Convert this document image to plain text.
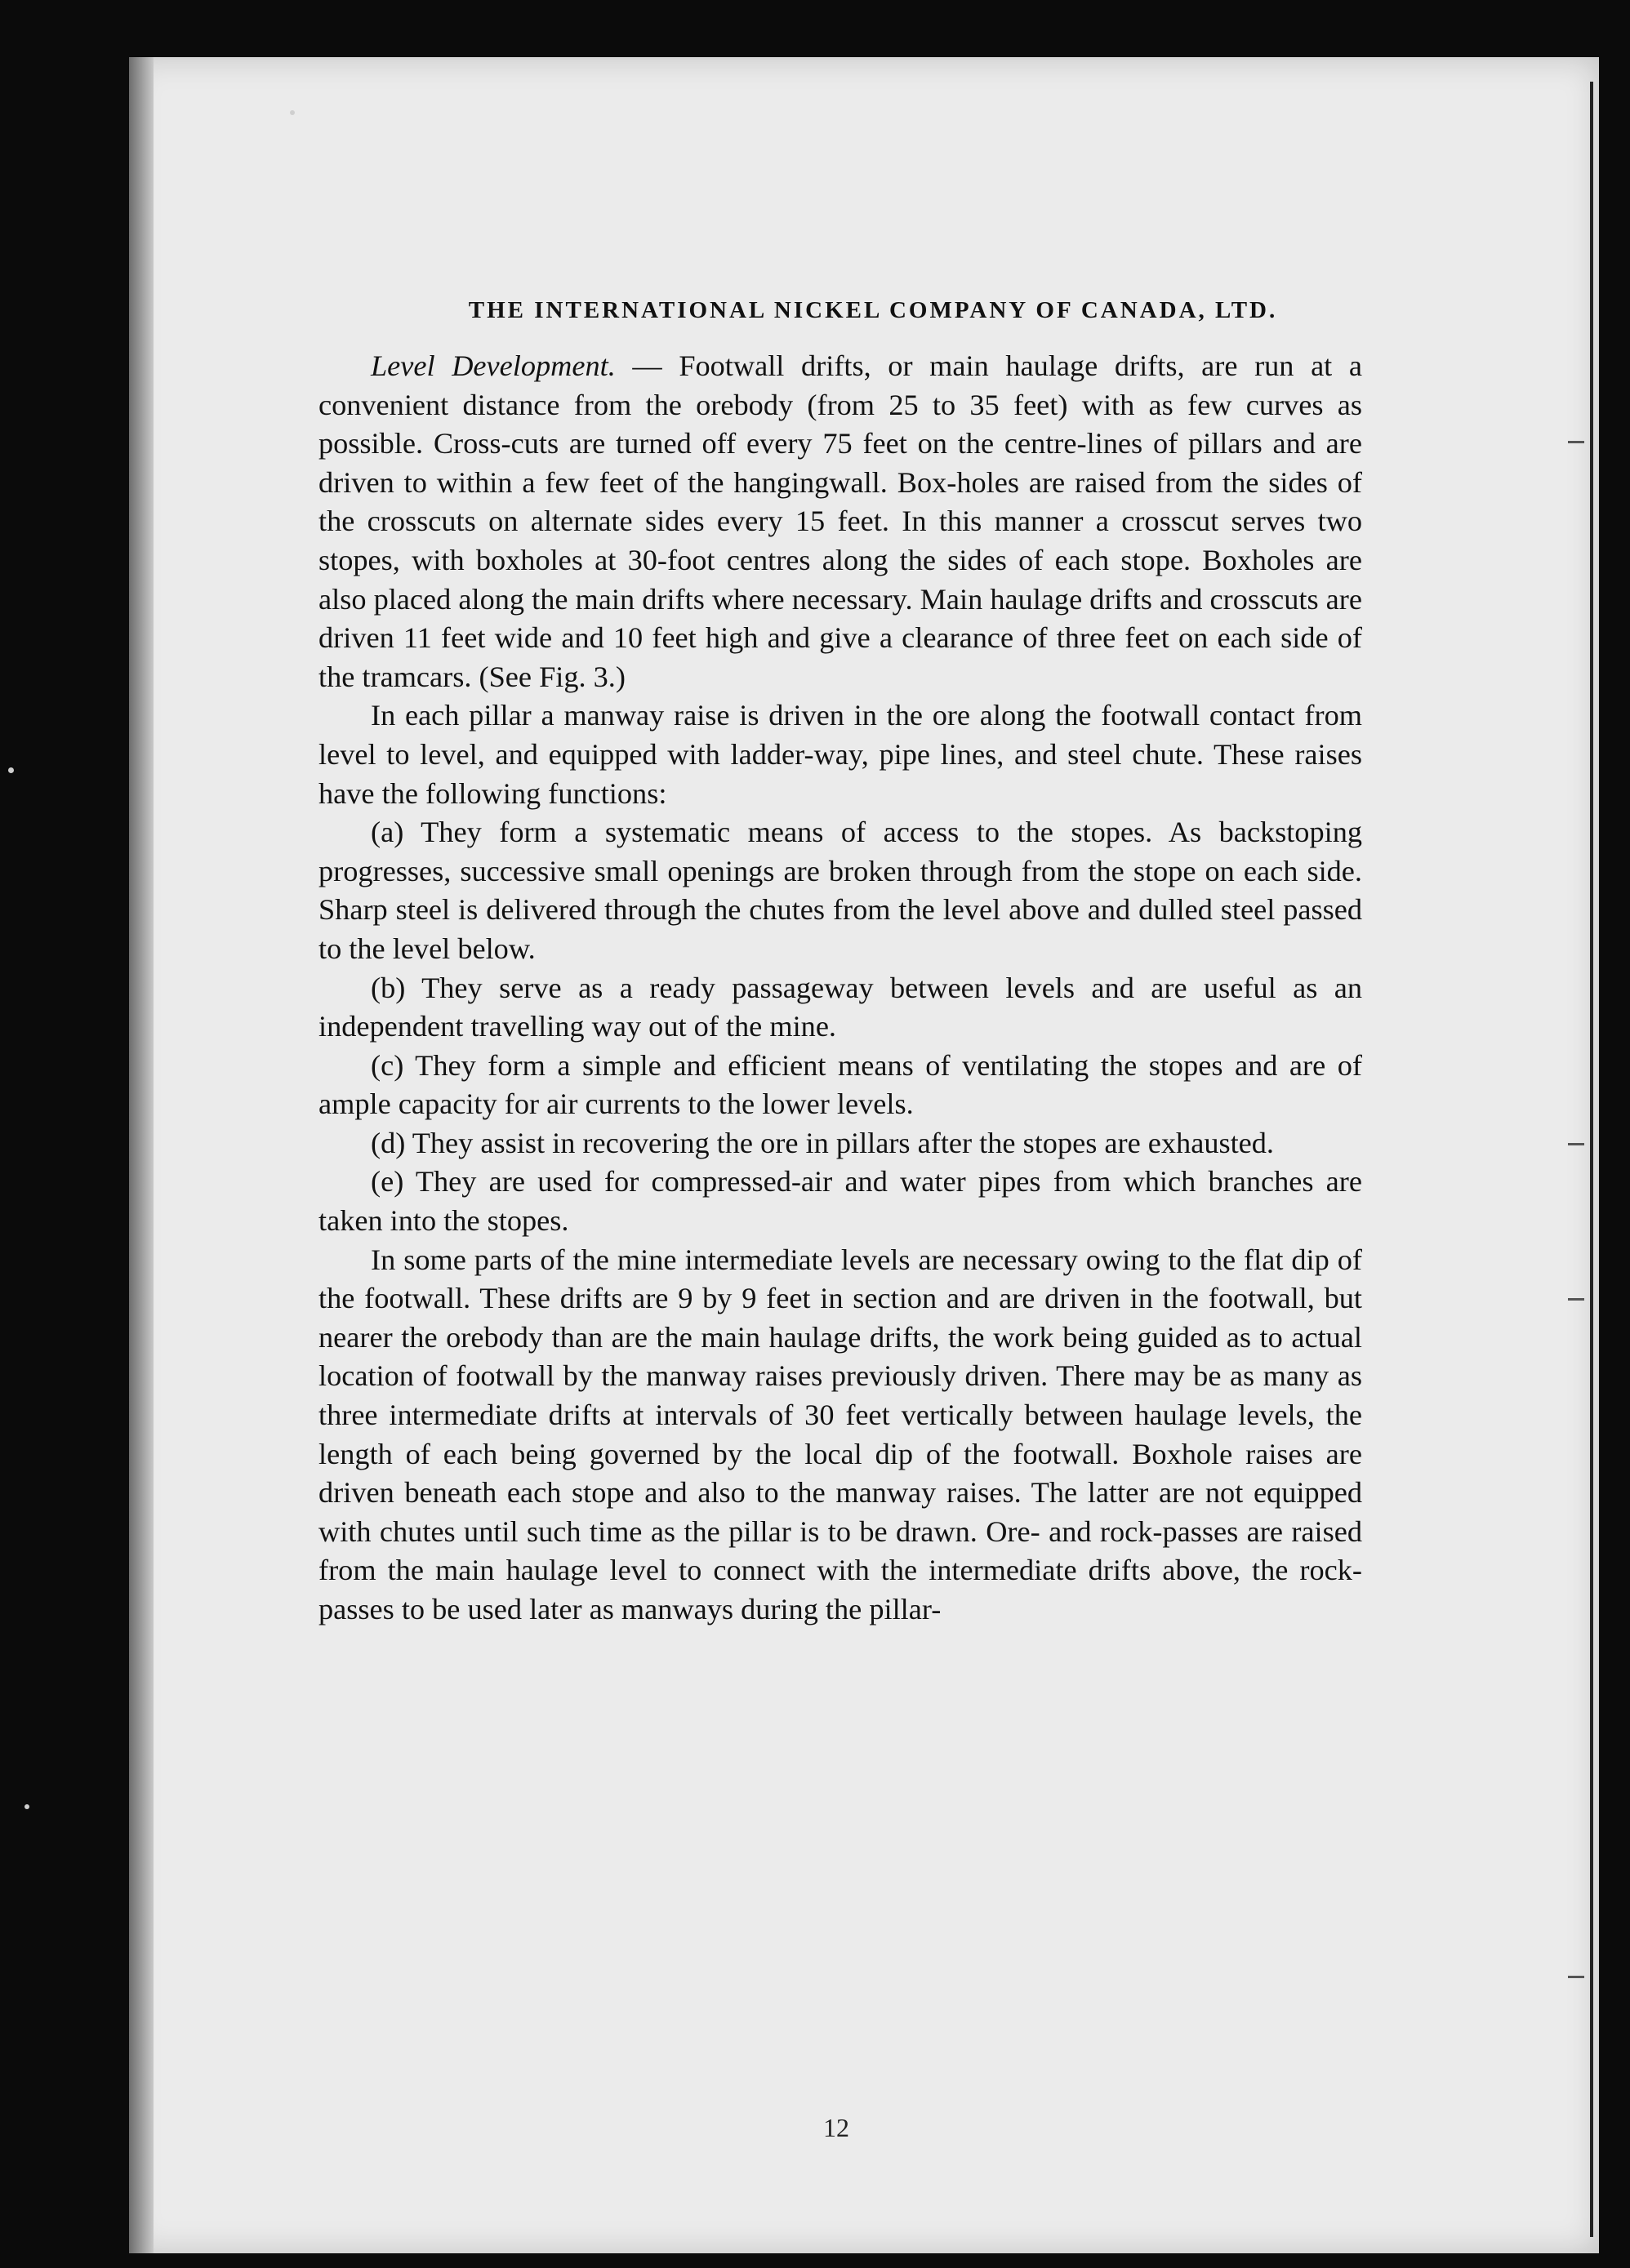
THE INTERNATIONAL NICKEL COMPANY OF CANADA, LTD.

Level Development. — Footwall drifts, or main haulage drifts, are run at a convenient distance from the orebody (from 25 to 35 feet) with as few curves as possible. Cross-cuts are turned off every 75 feet on the centre-lines of pillars and are driven to within a few feet of the hangingwall. Box-holes are raised from the sides of the crosscuts on alternate sides every 15 feet. In this manner a crosscut serves two stopes, with boxholes at 30-foot centres along the sides of each stope. Boxholes are also placed along the main drifts where necessary. Main haulage drifts and crosscuts are driven 11 feet wide and 10 feet high and give a clearance of three feet on each side of the tramcars. (See Fig. 3.)

In each pillar a manway raise is driven in the ore along the footwall contact from level to level, and equipped with ladder-way, pipe lines, and steel chute. These raises have the following functions:

(a) They form a systematic means of access to the stopes. As backstoping progresses, successive small openings are broken through from the stope on each side. Sharp steel is delivered through the chutes from the level above and dulled steel passed to the level below.

(b) They serve as a ready passageway between levels and are useful as an independent travelling way out of the mine.

(c) They form a simple and efficient means of ventilating the stopes and are of ample capacity for air currents to the lower levels.

(d) They assist in recovering the ore in pillars after the stopes are exhausted.

(e) They are used for compressed-air and water pipes from which branches are taken into the stopes.

In some parts of the mine intermediate levels are necessary owing to the flat dip of the footwall. These drifts are 9 by 9 feet in section and are driven in the footwall, but nearer the orebody than are the main haulage drifts, the work being guided as to actual location of footwall by the manway raises previously driven. There may be as many as three intermediate drifts at intervals of 30 feet vertically between haulage levels, the length of each being governed by the local dip of the footwall. Boxhole raises are driven beneath each stope and also to the manway raises. The latter are not equipped with chutes until such time as the pillar is to be drawn. Ore- and rock-passes are raised from the main haulage level to connect with the intermediate drifts above, the rock-passes to be used later as manways during the pillar-

12
